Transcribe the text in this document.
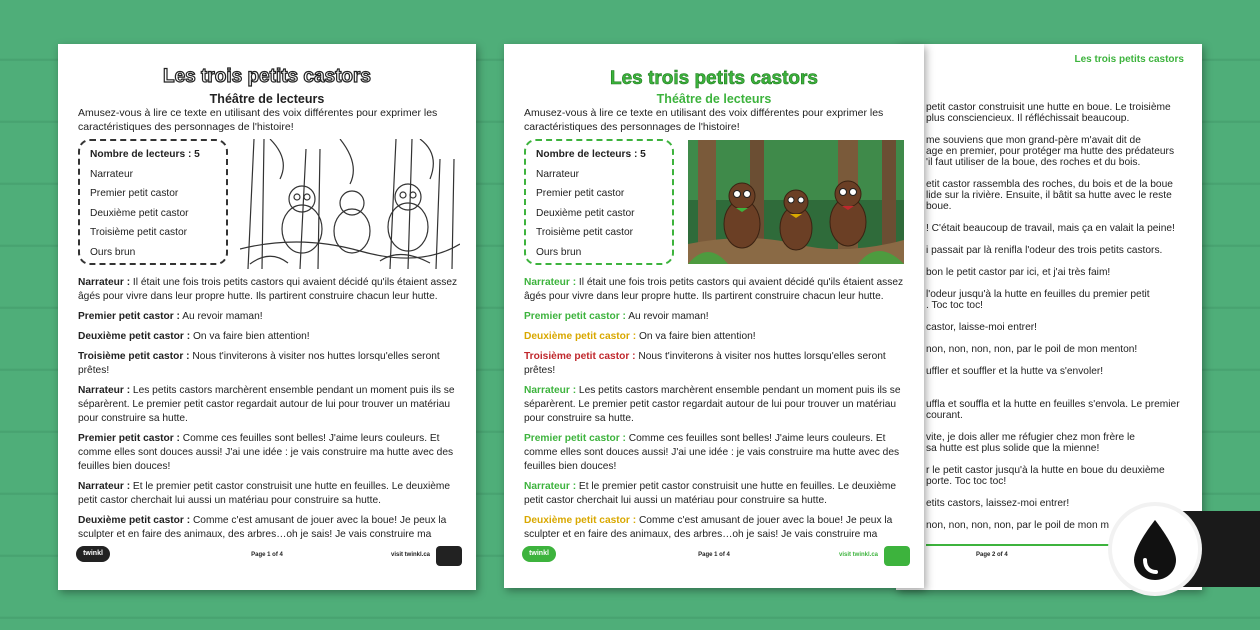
Les trois petits castors
Théâtre de lecteurs
Amusez-vous à lire ce texte en utilisant des voix différentes pour exprimer les caractéristiques des personnages de l'histoire!
Nombre de lecteurs : 5
Narrateur
Premier petit castor
Deuxième petit castor
Troisième petit castor
Ours brun
Narrateur : Il était une fois trois petits castors qui avaient décidé qu'ils étaient assez âgés pour vivre dans leur propre hutte. Ils partirent construire chacun leur hutte.
Premier petit castor : Au revoir maman!
Deuxième petit castor : On va faire bien attention!
Troisième petit castor : Nous t'inviterons à visiter nos huttes lorsqu'elles seront prêtes!
Narrateur : Les petits castors marchèrent ensemble pendant un moment puis ils se séparèrent. Le premier petit castor regardait autour de lui pour trouver un matériau pour construire sa hutte.
Premier petit castor : Comme ces feuilles sont belles! J'aime leurs couleurs. Et comme elles sont douces aussi! J'ai une idée : je vais construire ma hutte avec des feuilles bien douces!
Narrateur : Et le premier petit castor construisit une hutte en feuilles. Le deuxième petit castor cherchait lui aussi un matériau pour construire sa hutte.
Deuxième petit castor : Comme c'est amusant de jouer avec la boue! Je peux la sculpter et en faire des animaux, des arbres…oh je sais! Je vais construire ma
twinkl	Page 1 of 4	visit twinkl.ca
Les trois petits castors
Théâtre de lecteurs
Amusez-vous à lire ce texte en utilisant des voix différentes pour exprimer les caractéristiques des personnages de l'histoire!
Nombre de lecteurs : 5
Narrateur
Premier petit castor
Deuxième petit castor
Troisième petit castor
Ours brun
Narrateur : Il était une fois trois petits castors qui avaient décidé qu'ils étaient assez âgés pour vivre dans leur propre hutte. Ils partirent construire chacun leur hutte.
Premier petit castor : Au revoir maman!
Deuxième petit castor : On va faire bien attention!
Troisième petit castor : Nous t'inviterons à visiter nos huttes lorsqu'elles seront prêtes!
Narrateur : Les petits castors marchèrent ensemble pendant un moment puis ils se séparèrent. Le premier petit castor regardait autour de lui pour trouver un matériau pour construire sa hutte.
Premier petit castor : Comme ces feuilles sont belles! J'aime leurs couleurs. Et comme elles sont douces aussi! J'ai une idée : je vais construire ma hutte avec des feuilles bien douces!
Narrateur : Et le premier petit castor construisit une hutte en feuilles. Le deuxième petit castor cherchait lui aussi un matériau pour construire sa hutte.
Deuxième petit castor : Comme c'est amusant de jouer avec la boue! Je peux la sculpter et en faire des animaux, des arbres…oh je sais! Je vais construire ma
twinkl	Page 1 of 4	visit twinkl.ca
Les trois petits castors
petit castor construisit une hutte en boue. Le troisième
plus consciencieux. Il réfléchissait beaucoup.
me souviens que mon grand-père m'avait dit de
age en premier, pour protéger ma hutte des prédateurs
'il faut utiliser de la boue, des roches et du bois.
etit castor rassembla des roches, du bois et de la boue
lide sur la rivière. Ensuite, il bâtit sa hutte avec le reste
boue.
! C'était beaucoup de travail, mais ça en valait la peine!
i passait par là renifla l'odeur des trois petits castors.
bon le petit castor par ici, et j'ai très faim!
l'odeur jusqu'à la hutte en feuilles du premier petit
. Toc toc toc!
castor, laisse-moi entrer!
non, non, non, non, par le poil de mon menton!
uffler et souffler et la hutte va s'envoler!
uffla et souffla et la hutte en feuilles s'envola. Le premier
courant.
vite, je dois aller me réfugier chez mon frère le
sa hutte est plus solide que la mienne!
r le petit castor jusqu'à la hutte en boue du deuxième
porte. Toc toc toc!
etits castors, laissez-moi entrer!
non, non, non, non, par le poil de mon m
Page 2 of 4
